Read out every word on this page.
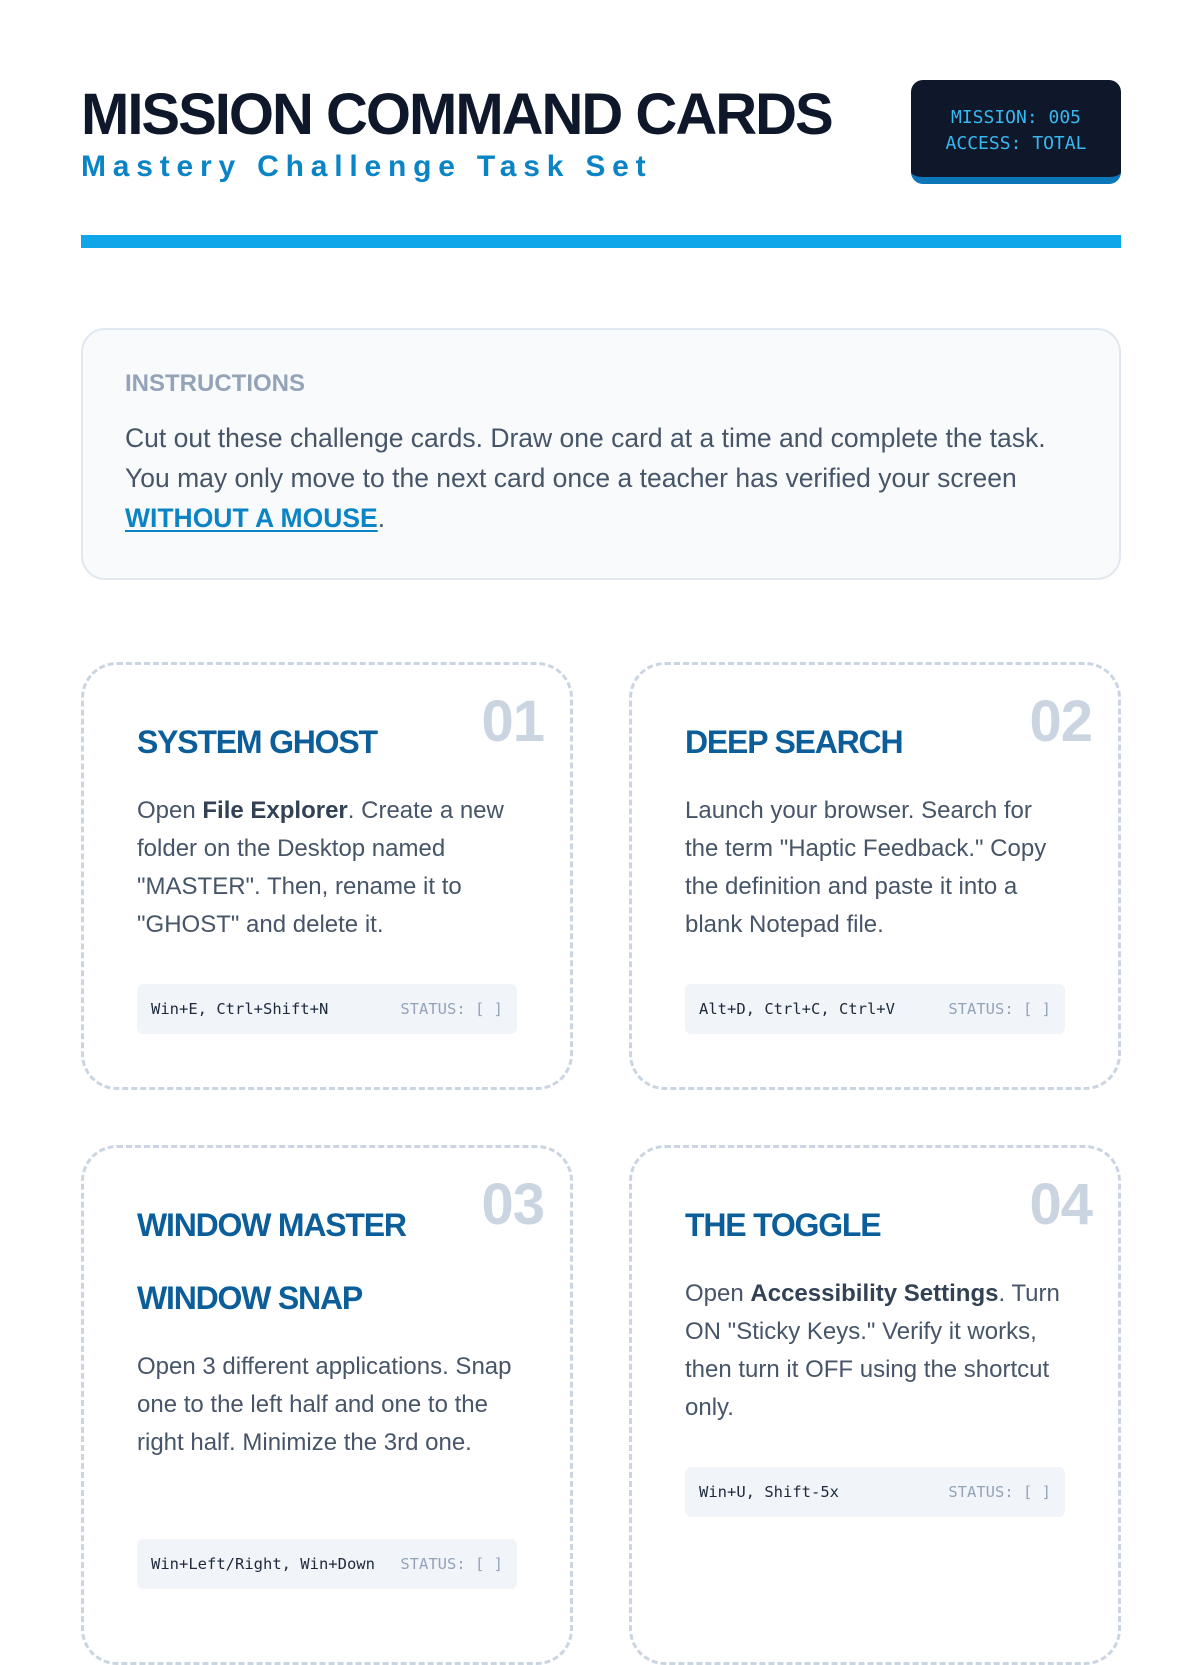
MISSION COMMAND CARDS
Mastery Challenge Task Set
MISSION: 005
ACCESS: TOTAL
INSTRUCTIONS

Cut out these challenge cards. Draw one card at a time and complete the task. You may only move to the next card once a teacher has verified your screen WITHOUT A MOUSE.

01
SYSTEM GHOST

Open File Explorer. Create a new folder on the Desktop named "MASTER". Then, rename it to "GHOST" and delete it.

Win+E, Ctrl+Shift+N	STATUS: [ ]
02
DEEP SEARCH

Launch your browser. Search for the term "Haptic Feedback." Copy the definition and paste it into a blank Notepad file.

Alt+D, Ctrl+C, Ctrl+V	STATUS: [ ]
03
WINDOW MASTER
WINDOW SNAP

Open 3 different applications. Snap one to the left half and one to the right half. Minimize the 3rd one.

Win+Left/Right, Win+Down STATUS: [ ]
04
THE TOGGLE

Open Accessibility Settings. Turn ON "Sticky Keys." Verify it works, then turn it OFF using the shortcut only.

Win+U, Shift-5x	STATUS: [ ]
